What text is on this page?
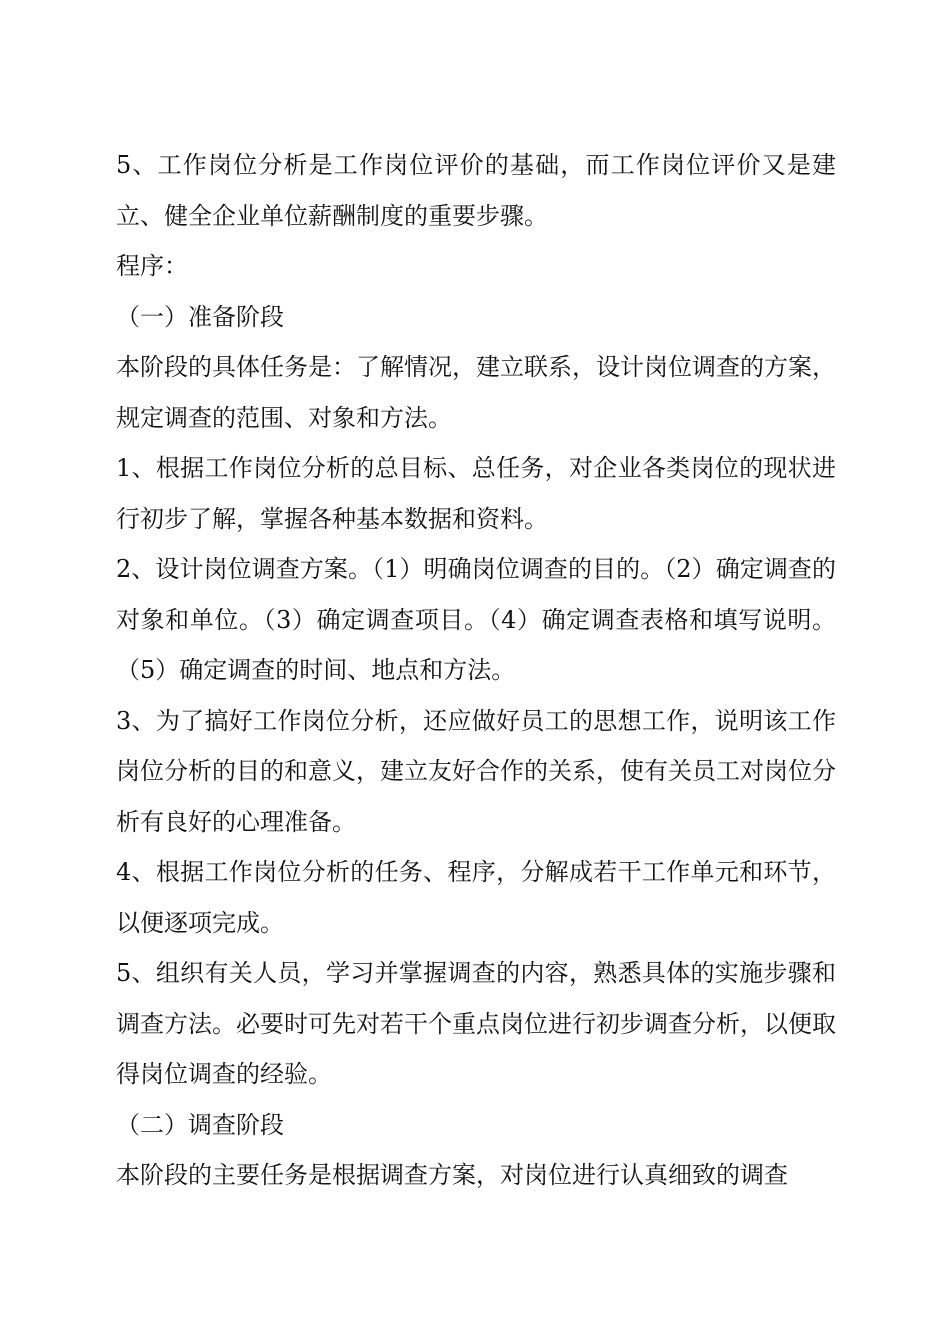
5、工作岗位分析是工作岗位评价的基础，而工作岗位评价又是建立、健全企业单位薪酬制度的重要步骤。

程序：

（一）准备阶段

本阶段的具体任务是：了解情况，建立联系，设计岗位调查的方案，规定调查的范围、对象和方法。

1、根据工作岗位分析的总目标、总任务，对企业各类岗位的现状进行初步了解，掌握各种基本数据和资料。

2、设计岗位调查方案。（1）明确岗位调查的目的。（2）确定调查的对象和单位。（3）确定调查项目。（4）确定调查表格和填写说明。（5）确定调查的时间、地点和方法。

3、为了搞好工作岗位分析，还应做好员工的思想工作，说明该工作岗位分析的目的和意义，建立友好合作的关系，使有关员工对岗位分析有良好的心理准备。

4、根据工作岗位分析的任务、程序，分解成若干工作单元和环节，以便逐项完成。

5、组织有关人员，学习并掌握调查的内容，熟悉具体的实施步骤和调查方法。必要时可先对若干个重点岗位进行初步调查分析，以便取得岗位调查的经验。

（二）调查阶段

本阶段的主要任务是根据调查方案，对岗位进行认真细致的调查
